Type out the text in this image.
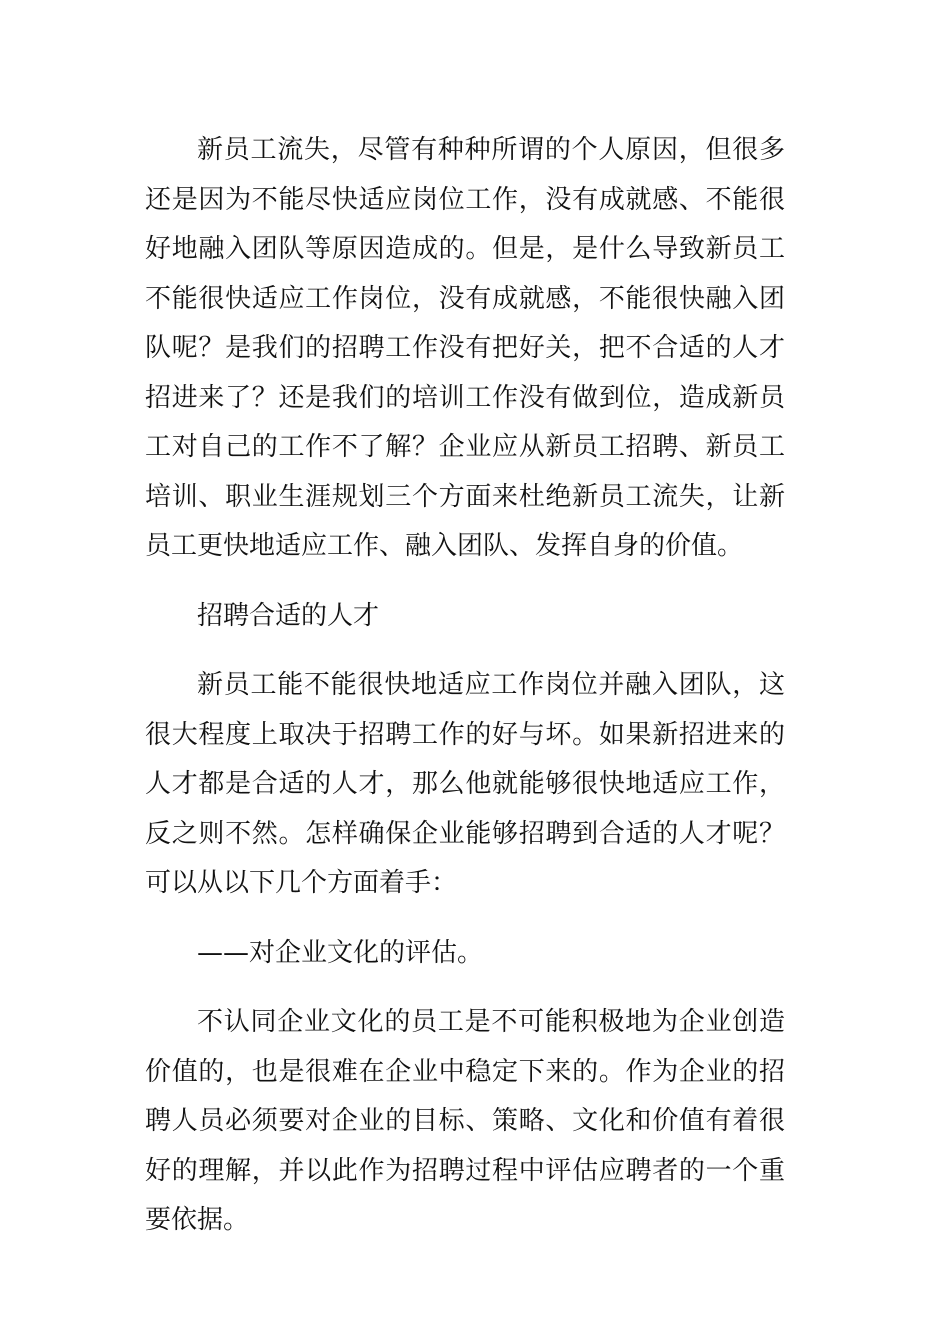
新员工流失，尽管有种种所谓的个人原因，但很多还是因为不能尽快适应岗位工作，没有成就感、不能很好地融入团队等原因造成的。但是，是什么导致新员工不能很快适应工作岗位，没有成就感，不能很快融入团队呢？是我们的招聘工作没有把好关，把不合适的人才招进来了？还是我们的培训工作没有做到位，造成新员工对自己的工作不了解？企业应从新员工招聘、新员工培训、职业生涯规划三个方面来杜绝新员工流失，让新员工更快地适应工作、融入团队、发挥自身的价值。

招聘合适的人才

新员工能不能很快地适应工作岗位并融入团队，这很大程度上取决于招聘工作的好与坏。如果新招进来的人才都是合适的人才，那么他就能够很快地适应工作，反之则不然。怎样确保企业能够招聘到合适的人才呢？可以从以下几个方面着手：

——对企业文化的评估。

不认同企业文化的员工是不可能积极地为企业创造价值的，也是很难在企业中稳定下来的。作为企业的招聘人员必须要对企业的目标、策略、文化和价值有着很好的理解，并以此作为招聘过程中评估应聘者的一个重要依据。
